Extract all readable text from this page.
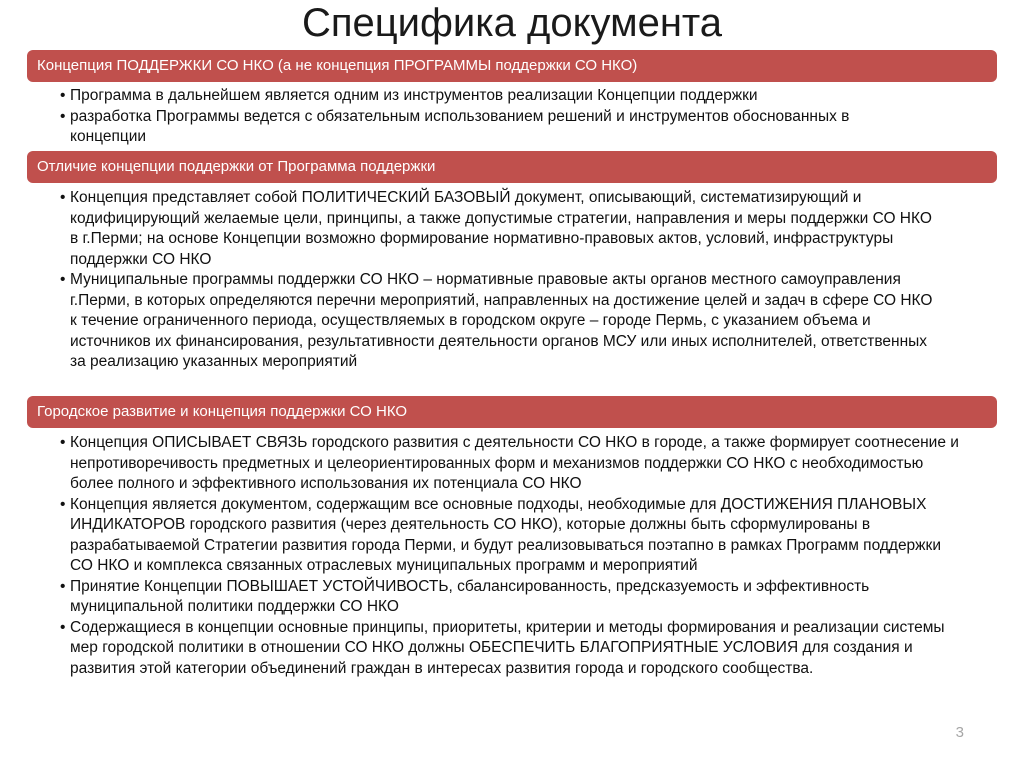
Специфика документа
Концепция ПОДДЕРЖКИ СО НКО (а не концепция ПРОГРАММЫ поддержки СО НКО)
• Программа в дальнейшем является одним из инструментов реализации Концепции поддержки
• разработка Программы ведется с обязательным использованием решений и инструментов обоснованных в концепции
Отличие концепции поддержки от Программа поддержки
• Концепция представляет собой ПОЛИТИЧЕСКИЙ БАЗОВЫЙ документ, описывающий, систематизирующий и кодифицирующий желаемые цели, принципы, а также допустимые стратегии, направления и меры поддержки СО НКО в г.Перми; на основе Концепции возможно формирование нормативно-правовых актов, условий, инфраструктуры поддержки СО НКО
• Муниципальные программы поддержки СО НКО – нормативные правовые акты органов местного самоуправления г.Перми, в которых определяются перечни мероприятий, направленных на достижение целей и задач в сфере СО НКО к течение ограниченного периода, осуществляемых в городском округе – городе Пермь, с указанием объема и источников их финансирования, результативности деятельности органов МСУ или иных исполнителей, ответственных за реализацию указанных мероприятий
Городское развитие и концепция поддержки СО НКО
• Концепция ОПИСЫВАЕТ СВЯЗЬ городского развития с деятельности СО НКО в городе, а также формирует соотнесение и непротиворечивость предметных и целеориентированных форм и механизмов поддержки СО НКО с необходимостью более полного и эффективного использования их потенциала СО НКО
• Концепция является документом, содержащим все основные подходы, необходимые для ДОСТИЖЕНИЯ ПЛАНОВЫХ ИНДИКАТОРОВ городского развития (через деятельность СО НКО), которые должны быть сформулированы в разрабатываемой Стратегии развития города Перми, и будут реализовываться поэтапно в рамках Программ поддержки СО НКО и комплекса связанных отраслевых муниципальных программ и мероприятий
• Принятие Концепции ПОВЫШАЕТ УСТОЙЧИВОСТЬ, сбалансированность, предсказуемость и эффективность муниципальной политики поддержки СО НКО
• Содержащиеся в концепции основные принципы, приоритеты, критерии и методы формирования и реализации системы мер городской политики в отношении СО НКО должны ОБЕСПЕЧИТЬ БЛАГОПРИЯТНЫЕ УСЛОВИЯ для создания и развития этой категории объединений граждан в интересах развития города и городского сообщества.
3
